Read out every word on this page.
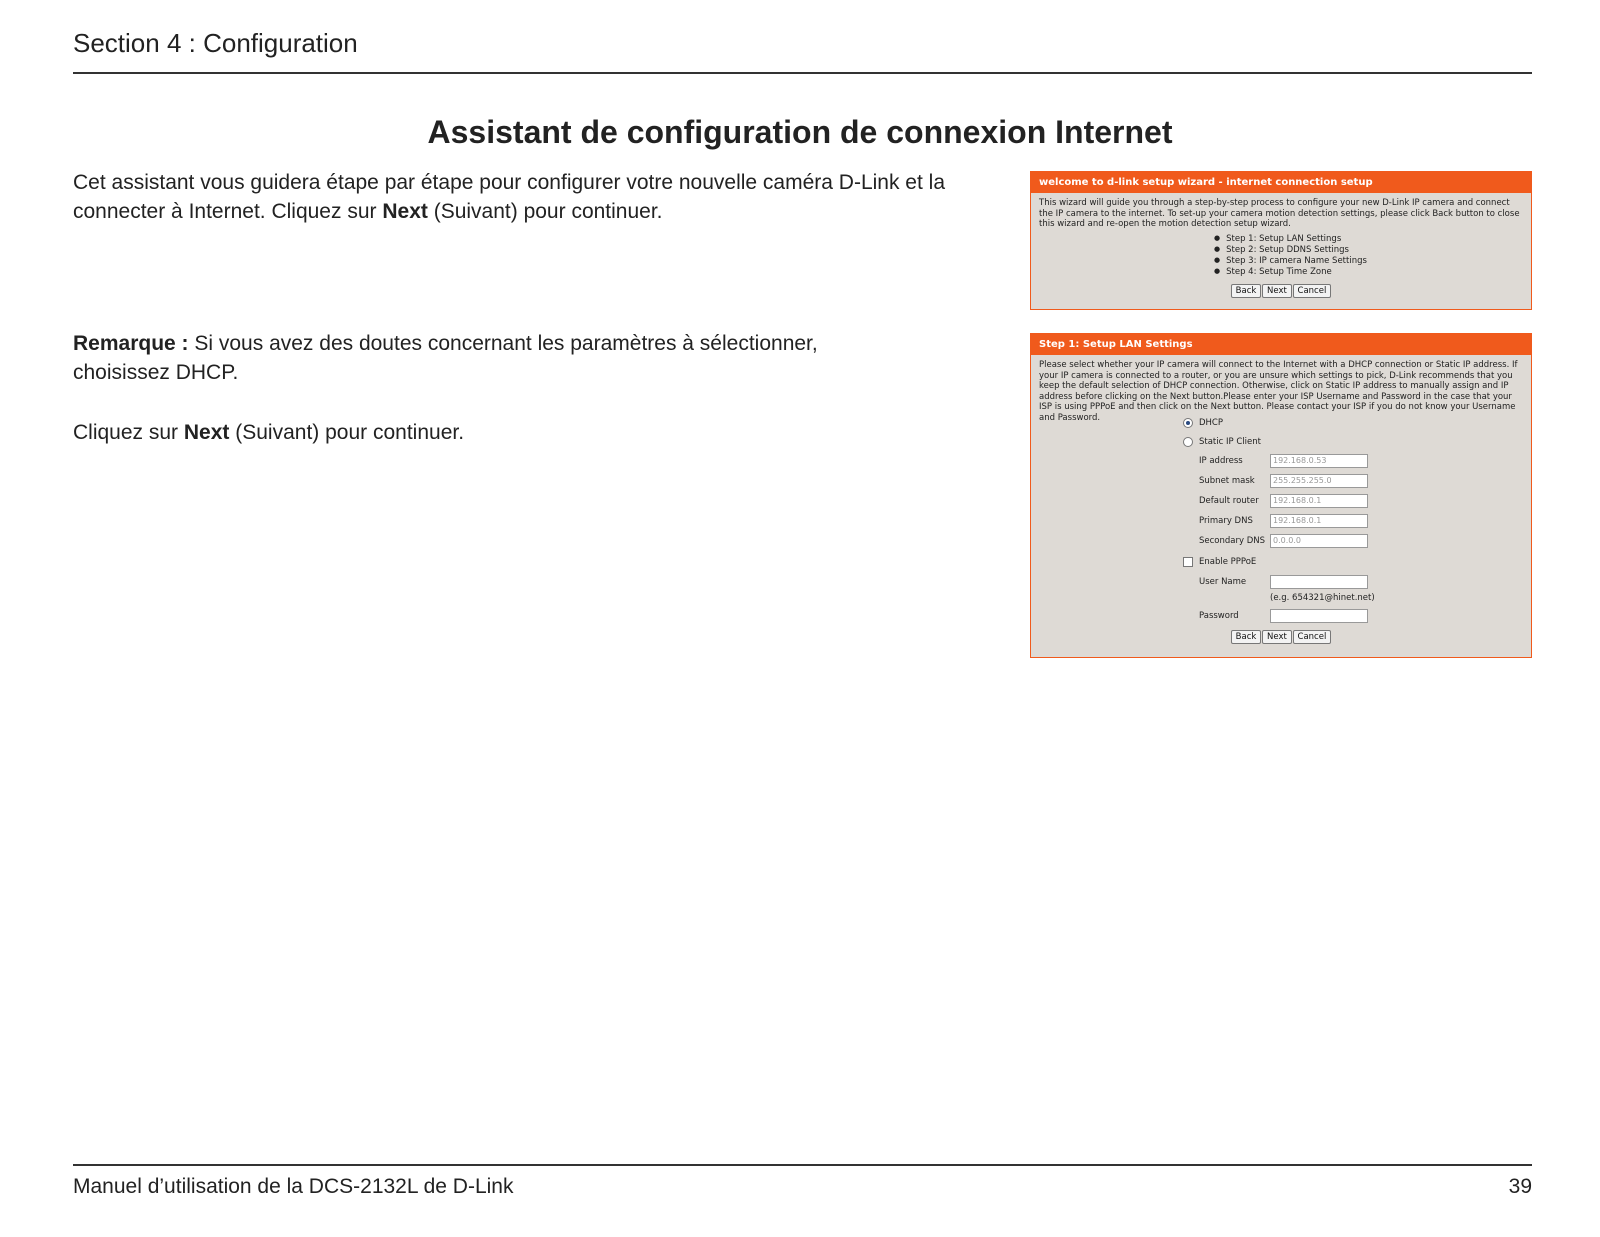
Section 4 : Configuration
Assistant de configuration de connexion Internet

Cet assistant vous guidera étape par étape pour configurer votre nouvelle caméra D-Link et la connecter à Internet. Cliquez sur Next (Suivant) pour continuer.

Remarque : Si vous avez des doutes concernant les paramètres à sélectionner, choisissez DHCP.

Cliquez sur Next (Suivant) pour continuer.

welcome to d-link setup wizard - internet connection setup
This wizard will guide you through a step-by-step process to configure your new D-Link IP camera and connect the IP camera to the internet. To set-up your camera motion detection settings, please click Back button to close this wizard and re-open the motion detection setup wizard.
● Step 1: Setup LAN Settings
● Step 2: Setup DDNS Settings
● Step 3: IP camera Name Settings
● Step 4: Setup Time Zone
Back Next Cancel
Step 1: Setup LAN Settings
Please select whether your IP camera will connect to the Internet with a DHCP connection or Static IP address. If your IP camera is connected to a router, or you are unsure which settings to pick, D-Link recommends that you keep the default selection of DHCP connection. Otherwise, click on Static IP address to manually assign and IP address before clicking on the Next button.Please enter your ISP Username and Password in the case that your ISP is using PPPoE and then click on the Next button. Please contact your ISP if you do not know your Username and Password.
DHCP
Static IP Client
IP address	192.168.0.53
Subnet mask	255.255.255.0
Default router	192.168.0.1
Primary DNS	192.168.0.1
Secondary DNS 0.0.0.0
Enable PPPoE
User Name
(e.g. 654321@hinet.net)
Password
Back Next Cancel
Manuel d’utilisation de la DCS-2132L de D-Link	39
